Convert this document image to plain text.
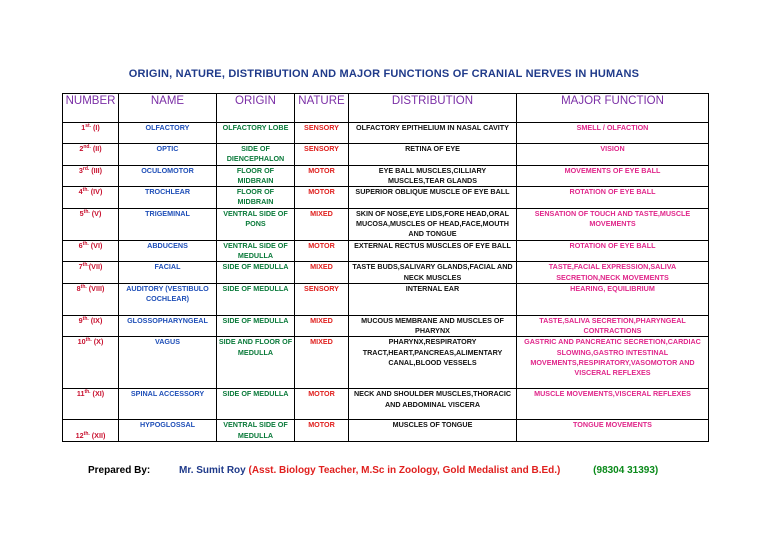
ORIGIN, NATURE, DISTRIBUTION AND MAJOR FUNCTIONS OF CRANIAL NERVES IN HUMANS
NUMBER	NAME	ORIGIN	NATURE	DISTRIBUTION	MAJOR FUNCTION
$1^{st.}$ (I)	OLFACTORY	OLFACTORY LOBE	SENSORY	OLFACTORY EPITHELIUM IN NASAL CAVITY	SMELL / OLFACTION
$2^{nd.}$ (II)	OPTIC	SIDE OF DIENCEPHALON	SENSORY	RETINA OF EYE	VISION
$3^{rd.}$ (III)	OCULOMOTOR	FLOOR OF MIDBRAIN	MOTOR	EYE BALL MUSCLES,CILLIARY MUSCLES,TEAR GLANDS	MOVEMENTS OF EYE BALL
$4^{th.}$ (IV)	TROCHLEAR	FLOOR OF MIDBRAIN	MOTOR	SUPERIOR OBLIQUE MUSCLE OF EYE BALL	ROTATION OF EYE BALL
$5^{th.}$ (V)	TRIGEMINAL	VENTRAL SIDE OF PONS	MIXED	SKIN OF NOSE,EYE LIDS,FORE HEAD,ORAL MUCOSA,MUSCLES OF HEAD,FACE,MOUTH AND TONGUE	SENSATION OF TOUCH AND TASTE,MUSCLE MOVEMENTS
$6^{th.}$ (VI)	ABDUCENS	VENTRAL SIDE OF MEDULLA	MOTOR	EXTERNAL RECTUS MUSCLES OF EYE BALL	ROTATION OF EYE BALL
$7^{th.}(VII)$	FACIAL	SIDE OF MEDULLA	MIXED	TASTE BUDS,SALIVARY GLANDS,FACIAL AND NECK MUSCLES	TASTE,FACIAL EXPRESSION,SALIVA SECRETION,NECK MOVEMENTS
$8^{th.}$ (VIII)	AUDITORY (VESTIBULO COCHLEAR)	SIDE OF MEDULLA	SENSORY	INTERNAL EAR	HEARING, EQUILIBRIUM
$9^{th.}$ (IX)	GLOSSOPHARYNGEAL	SIDE OF MEDULLA	MIXED	MUCOUS MEMBRANE AND MUSCLES OF PHARYNX	TASTE,SALIVA SECRETION,PHARYNGEAL CONTRACTIONS
$10^{th.}$ (X)	VAGUS	SIDE AND FLOOR OF MEDULLA	MIXED	PHARYNX,RESPIRATORY TRACT,HEART,PANCREAS,ALIMENTARY CANAL,BLOOD VESSELS	GASTRIC AND PANCREATIC SECRETION,CARDIAC SLOWING,GASTRO INTESTINAL MOVEMENTS,RESPIRATORY,VASOMOTOR AND VISCERAL REFLEXES
$11^{th.}$ (XI)	SPINAL ACCESSORY	SIDE OF MEDULLA	MOTOR	NECK AND SHOULDER MUSCLES,THORACIC AND ABDOMINAL VISCERA	MUSCLE MOVEMENTS,VISCERAL REFLEXES
$12^{th.}$ (XII)	HYPOGLOSSAL	VENTRAL SIDE OF MEDULLA	MOTOR	MUSCLES OF TONGUE	TONGUE MOVEMENTS
Prepared By:	Mr. Sumit Roy (Asst. Biology Teacher, M.Sc in Zoology, Gold Medalist and B.Ed.)	(98304 31393)
